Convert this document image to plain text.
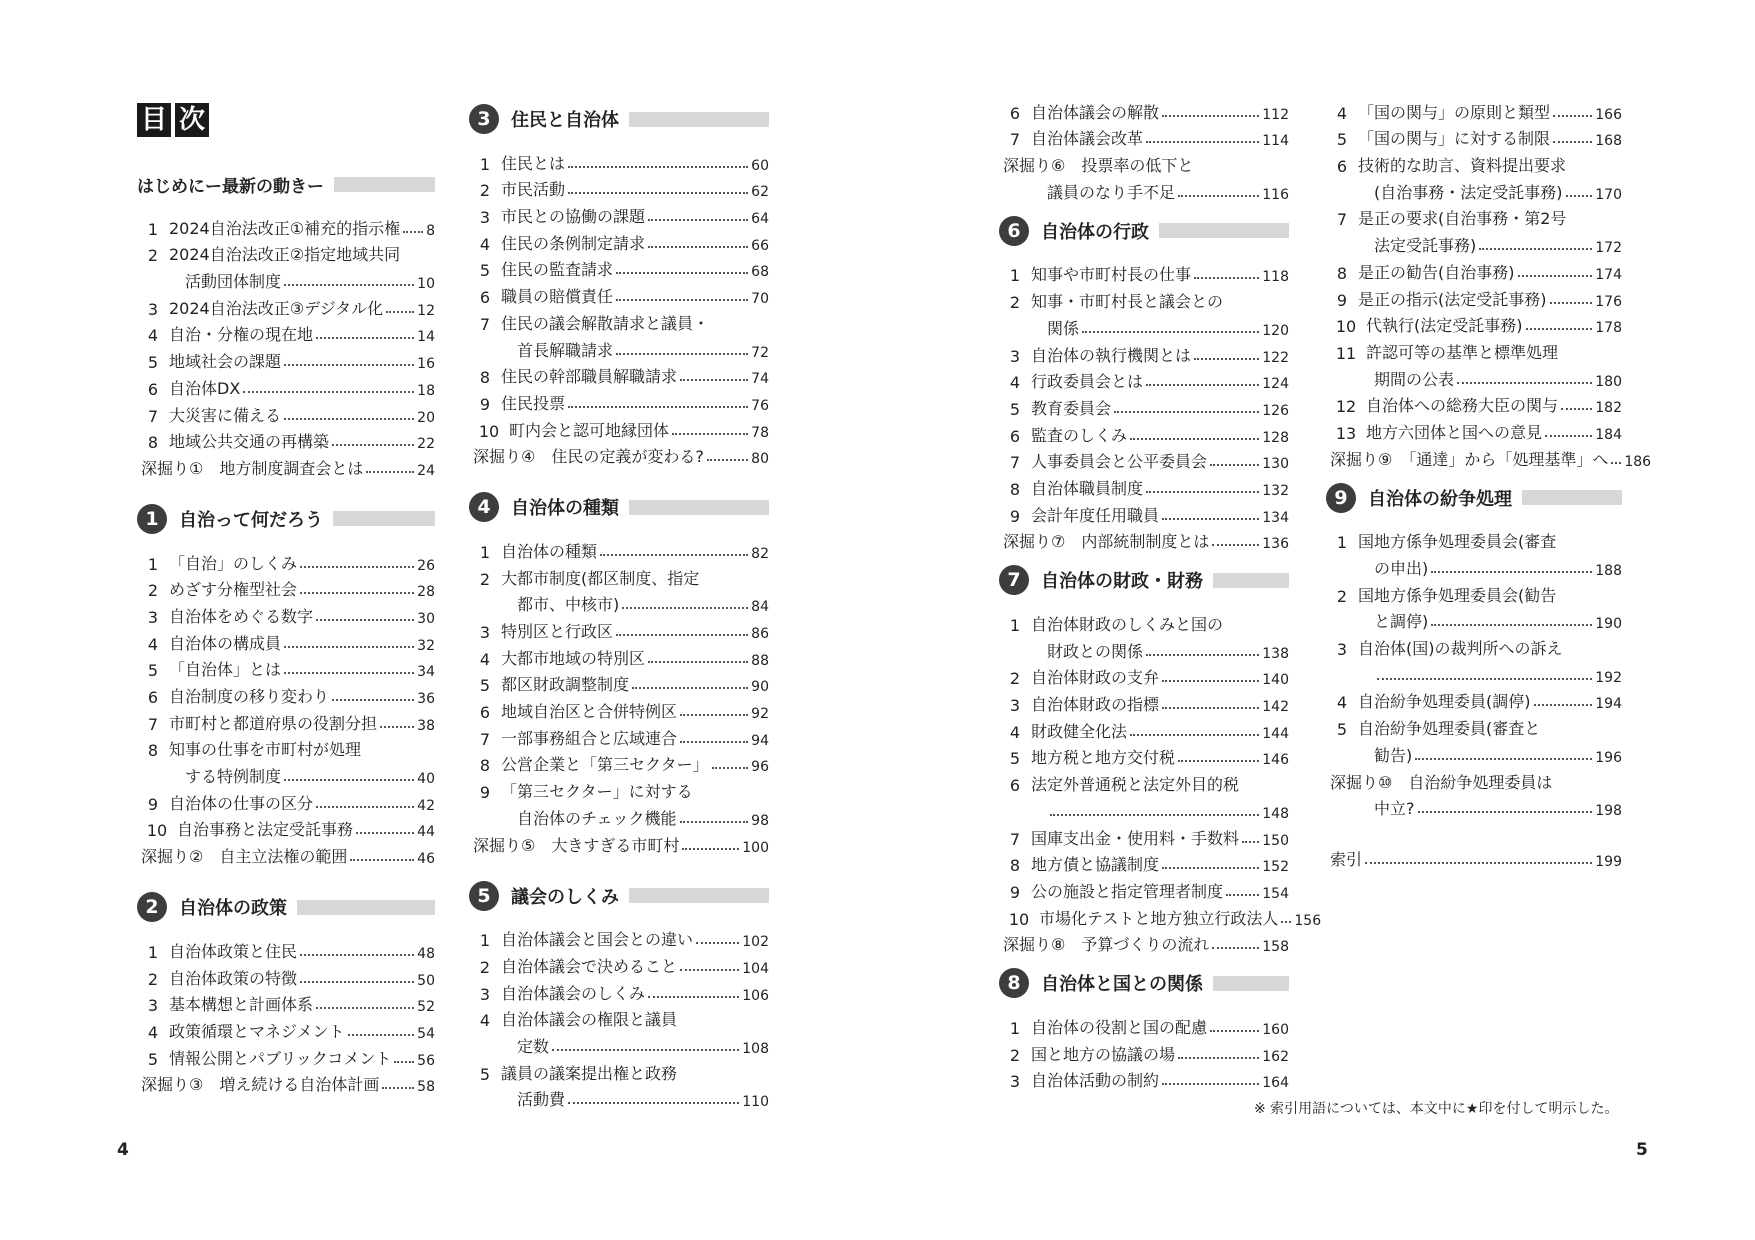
目 次
はじめにー最新の動きー
1 2024自治法改正①補充的指示権 8
2 2024自治法改正②指定地域共同
活動団体制度	10
3 2024自治法改正③デジタル化 12
4 自治・分権の現在地	14
5 地域社会の課題	16
6 自治体DX	18
7 大災害に備える	20
8 地域公共交通の再構築	22
深掘り①　地方制度調査会とは	24
1	自治って何だろう
1 「自治」のしくみ	26
2 めざす分権型社会	28
3 自治体をめぐる数字	30
4 自治体の構成員	32
5 「自治体」とは	34
6 自治制度の移り変わり	36
7 市町村と都道府県の役割分担	38
8 知事の仕事を市町村が処理
する特例制度	40
9 自治体の仕事の区分	42
10 自治事務と法定受託事務	44
深掘り②　自主立法権の範囲	46
2	自治体の政策
1 自治体政策と住民	48
2 自治体政策の特徴	50
3 基本構想と計画体系	52
4 政策循環とマネジメント	54
5 情報公開とパブリックコメント 56
深掘り③　増え続ける自治体計画	58
3	住民と自治体
1 住民とは	60
2 市民活動	62
3 市民との協働の課題	64
4 住民の条例制定請求	66
5 住民の監査請求	68
6 職員の賠償責任	70
7 住民の議会解散請求と議員・
首長解職請求	72
8 住民の幹部職員解職請求	74
9 住民投票	76
10 町内会と認可地縁団体	78
深掘り④　住民の定義が変わる?	80
4	自治体の種類
1 自治体の種類	82
2 大都市制度(都区制度、指定
都市、中核市)	84
3 特別区と行政区	86
4 大都市地域の特別区	88
5 都区財政調整制度	90
6 地域自治区と合併特例区	92
7 一部事務組合と広域連合	94
8 公営企業と「第三セクター」	96
9 「第三セクター」に対する
自治体のチェック機能	98
深掘り⑤　大きすぎる市町村	100
5	議会のしくみ
1 自治体議会と国会との違い	102
2 自治体議会で決めること	104
3 自治体議会のしくみ	106
4 自治体議会の権限と議員
定数	108
5 議員の議案提出権と政務
活動費	110
6 自治体議会の解散	112
7 自治体議会改革	114
深掘り⑥　投票率の低下と
議員のなり手不足	116
6	自治体の行政
1 知事や市町村長の仕事	118
2 知事・市町村長と議会との
関係	120
3 自治体の執行機関とは	122
4 行政委員会とは	124
5 教育委員会	126
6 監査のしくみ	128
7 人事委員会と公平委員会	130
8 自治体職員制度	132
9 会計年度任用職員	134
深掘り⑦　内部統制制度とは	136
7	自治体の財政・財務
1 自治体財政のしくみと国の
財政との関係	138
2 自治体財政の支弁	140
3 自治体財政の指標	142
4 財政健全化法	144
5 地方税と地方交付税	146
6 法定外普通税と法定外目的税
148
7 国庫支出金・使用料・手数料 150
8 地方債と協議制度	152
9 公の施設と指定管理者制度	154
10 市場化テストと地方独立行政法人 156
深掘り⑧　予算づくりの流れ	158
8	自治体と国との関係
1 自治体の役割と国の配慮	160
2 国と地方の協議の場	162
3 自治体活動の制約	164
4 「国の関与」の原則と類型	166
5 「国の関与」に対する制限	168
6 技術的な助言、資料提出要求
(自治事務・法定受託事務) 170
7 是正の要求(自治事務・第2号
法定受託事務)	172
8 是正の勧告(自治事務)	174
9 是正の指示(法定受託事務)	176
10 代執行(法定受託事務)	178
11 許認可等の基準と標準処理
期間の公表	180
12 自治体への総務大臣の関与	182
13 地方六団体と国への意見	184
深掘り⑨　「通達」から「処理基準」へ 186
9	自治体の紛争処理
1 国地方係争処理委員会(審査
の申出)	188
2 国地方係争処理委員会(勧告
と調停)	190
3 自治体(国)の裁判所への訴え
192
4 自治紛争処理委員(調停)	194
5 自治紛争処理委員(審査と
勧告)	196
深掘り⑩　自治紛争処理委員は
中立?	198
索引	199
※ 索引用語については、本文中に★印を付して明示した。
4	5
